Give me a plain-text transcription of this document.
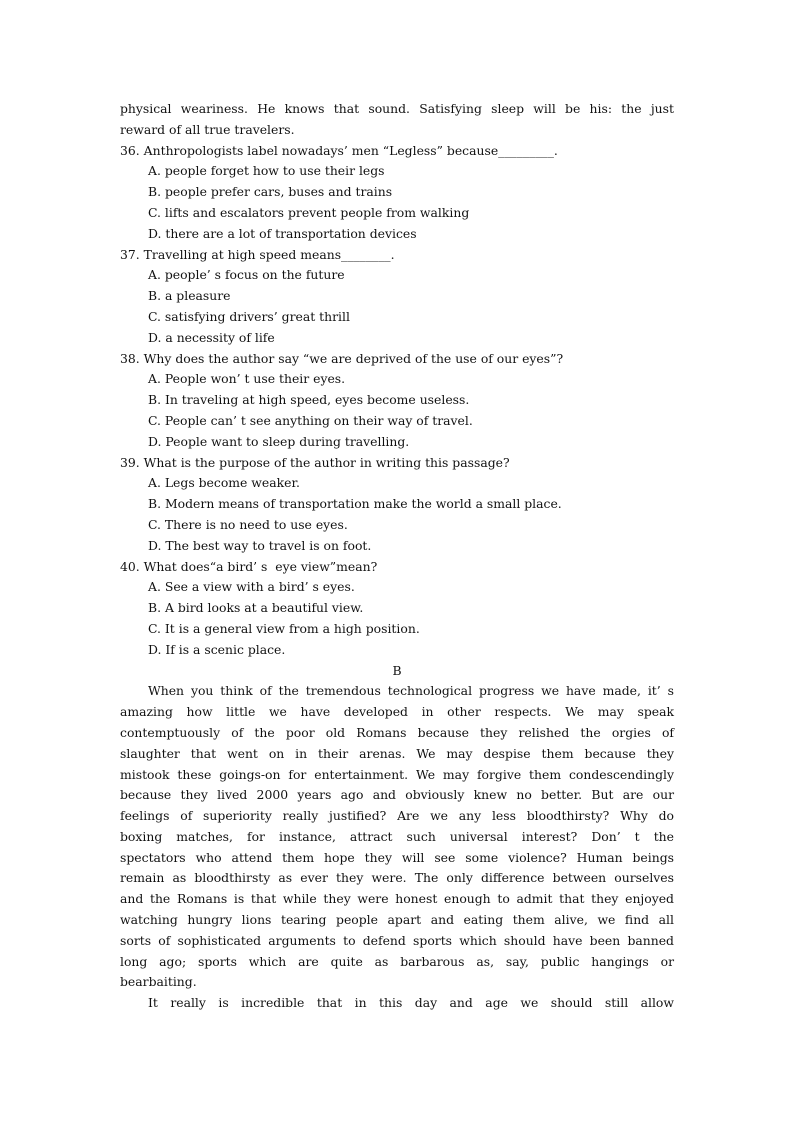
physical weariness. He knows that sound. Satisfying sleep will be his: the just
reward of all true travelers.
36. Anthropologists label nowadays’ men “Legless” because_________.
A. people forget how to use their legs
B. people prefer cars, buses and trains
C. lifts and escalators prevent people from walking
D. there are a lot of transportation devices
37. Travelling at high speed means________.
A. people’ s focus on the future
B. a pleasure
C. satisfying drivers’ great thrill
D. a necessity of life
38. Why does the author say “we are deprived of the use of our eyes”?
A. People won’ t use their eyes.
B. In traveling at high speed, eyes become useless.
C. People can’ t see anything on their way of travel.
D. People want to sleep during travelling.
39. What is the purpose of the author in writing this passage?
A. Legs become weaker.
B. Modern means of transportation make the world a small place.
C. There is no need to use eyes.
D. The best way to travel is on foot.
40. What does“a bird’ s  eye view”mean?
A. See a view with a bird’ s eyes.
B. A bird looks at a beautiful view.
C. It is a general view from a high position.
D. If is a scenic place.
B
When you think of the tremendous technological progress we have made, it’ s
amazing how little we have developed in other respects. We may speak
contemptuously of the poor old Romans because they relished the orgies of
slaughter that went on in their arenas. We may despise them because they
mistook these goings-on for entertainment. We may forgive them condescendingly
because they lived 2000 years ago and obviously knew no better. But are our
feelings of superiority really justified? Are we any less bloodthirsty? Why do
boxing matches, for instance, attract such universal interest? Don’ t the
spectators who attend them hope they will see some violence? Human beings
remain as bloodthirsty as ever they were. The only difference between ourselves
and the Romans is that while they were honest enough to admit that they enjoyed
watching hungry lions tearing people apart and eating them alive, we find all
sorts of sophisticated arguments to defend sports which should have been banned
long ago; sports which are quite as barbarous as, say, public hangings or
bearbaiting.
It really is incredible that in this day and age we should still allow
